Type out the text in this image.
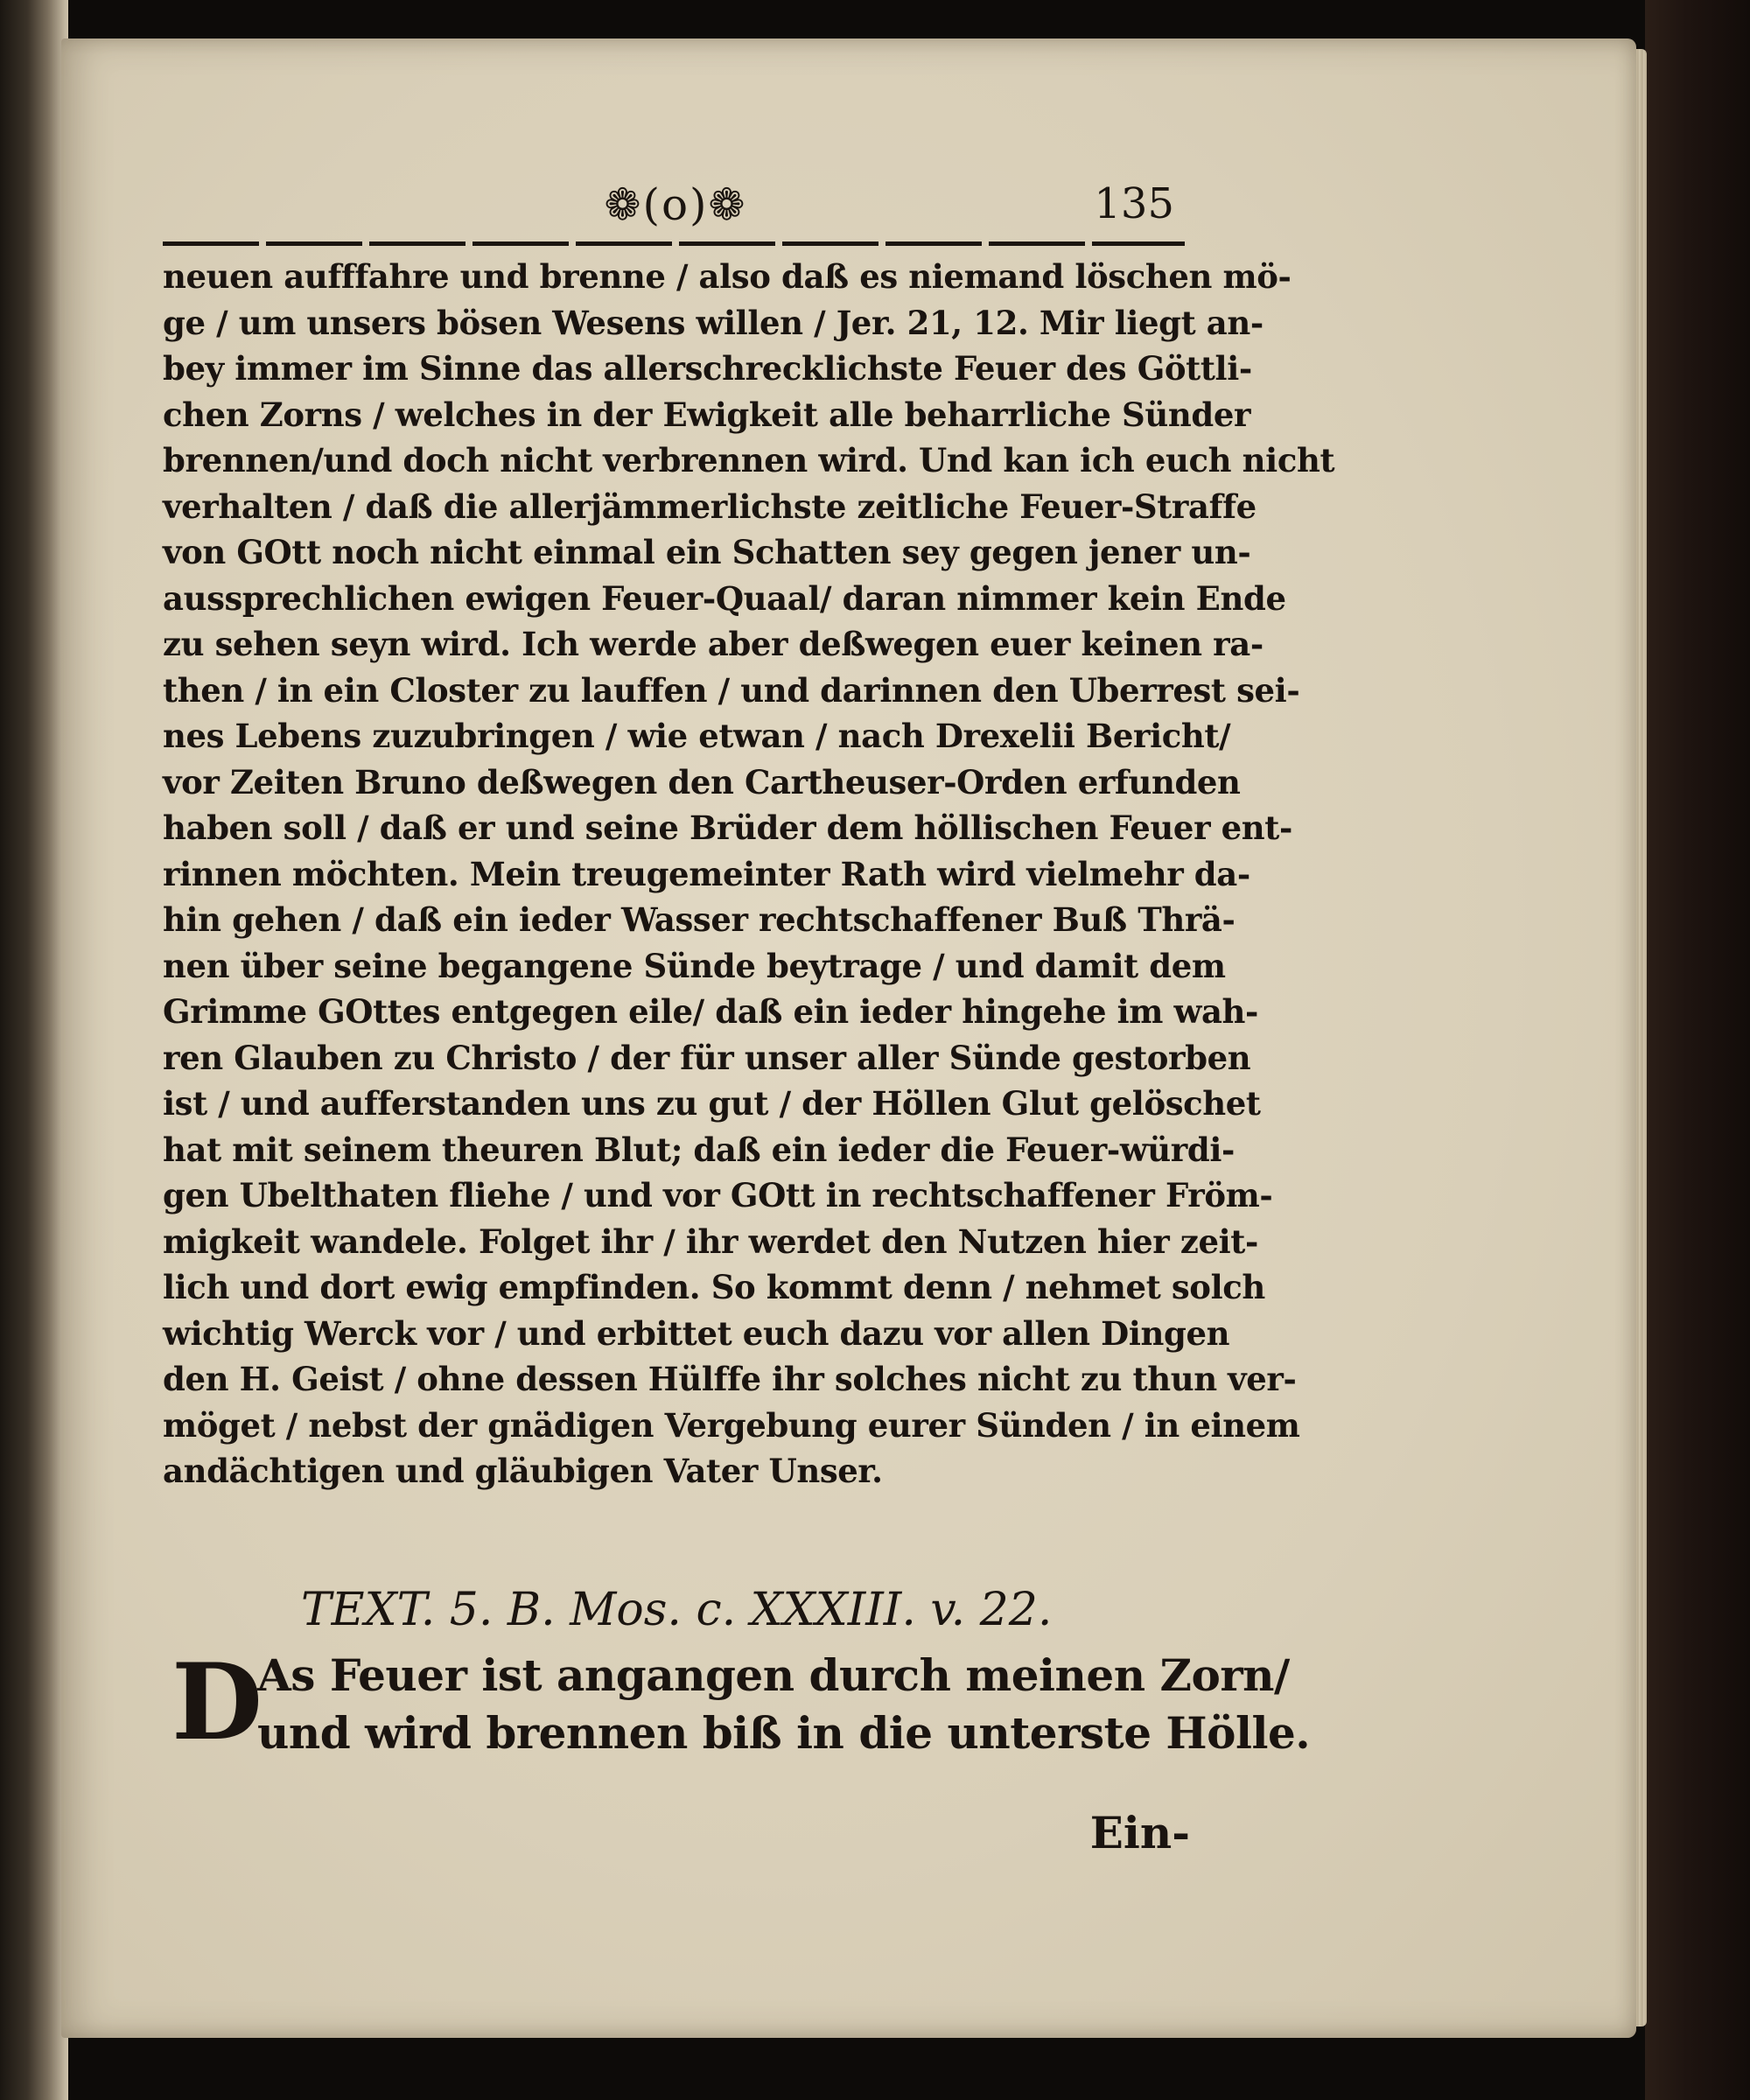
❁(o)❁	135
neuen aufffahre und brenne / also daß es niemand löschen mö-
ge / um unsers bösen Wesens willen / Jer. 21, 12. Mir liegt an-
bey immer im Sinne das allerschrecklichste Feuer des Göttli-
chen Zorns / welches in der Ewigkeit alle beharrliche Sünder
brennen/und doch nicht verbrennen wird. Und kan ich euch nicht
verhalten / daß die allerjämmerlichste zeitliche Feuer-Straffe
von GOtt noch nicht einmal ein Schatten sey gegen jener un-
aussprechlichen ewigen Feuer-Quaal/ daran nimmer kein Ende
zu sehen seyn wird. Ich werde aber deßwegen euer keinen ra-
then / in ein Closter zu lauffen / und darinnen den Uberrest sei-
nes Lebens zuzubringen / wie etwan / nach Drexelii Bericht/
vor Zeiten Bruno deßwegen den Cartheuser-Orden erfunden
haben soll / daß er und seine Brüder dem höllischen Feuer ent-
rinnen möchten. Mein treugemeinter Rath wird vielmehr da-
hin gehen / daß ein ieder Wasser rechtschaffener Buß Thrä-
nen über seine begangene Sünde beytrage / und damit dem
Grimme GOttes entgegen eile/ daß ein ieder hingehe im wah-
ren Glauben zu Christo / der für unser aller Sünde gestorben
ist / und aufferstanden uns zu gut / der Höllen Glut gelöschet
hat mit seinem theuren Blut; daß ein ieder die Feuer-würdi-
gen Ubelthaten fliehe / und vor GOtt in rechtschaffener Fröm-
migkeit wandele. Folget ihr / ihr werdet den Nutzen hier zeit-
lich und dort ewig empfinden. So kommt denn / nehmet solch
wichtig Werck vor / und erbittet euch dazu vor allen Dingen
den H. Geist / ohne dessen Hülffe ihr solches nicht zu thun ver-
möget / nebst der gnädigen Vergebung eurer Sünden / in einem
andächtigen und gläubigen Vater Unser.
TEXT. 5. B. Mos. c. XXXIII. v. 22.
D
As Feuer ist angangen durch meinen Zorn/
und wird brennen biß in die unterste Hölle.
Ein-
